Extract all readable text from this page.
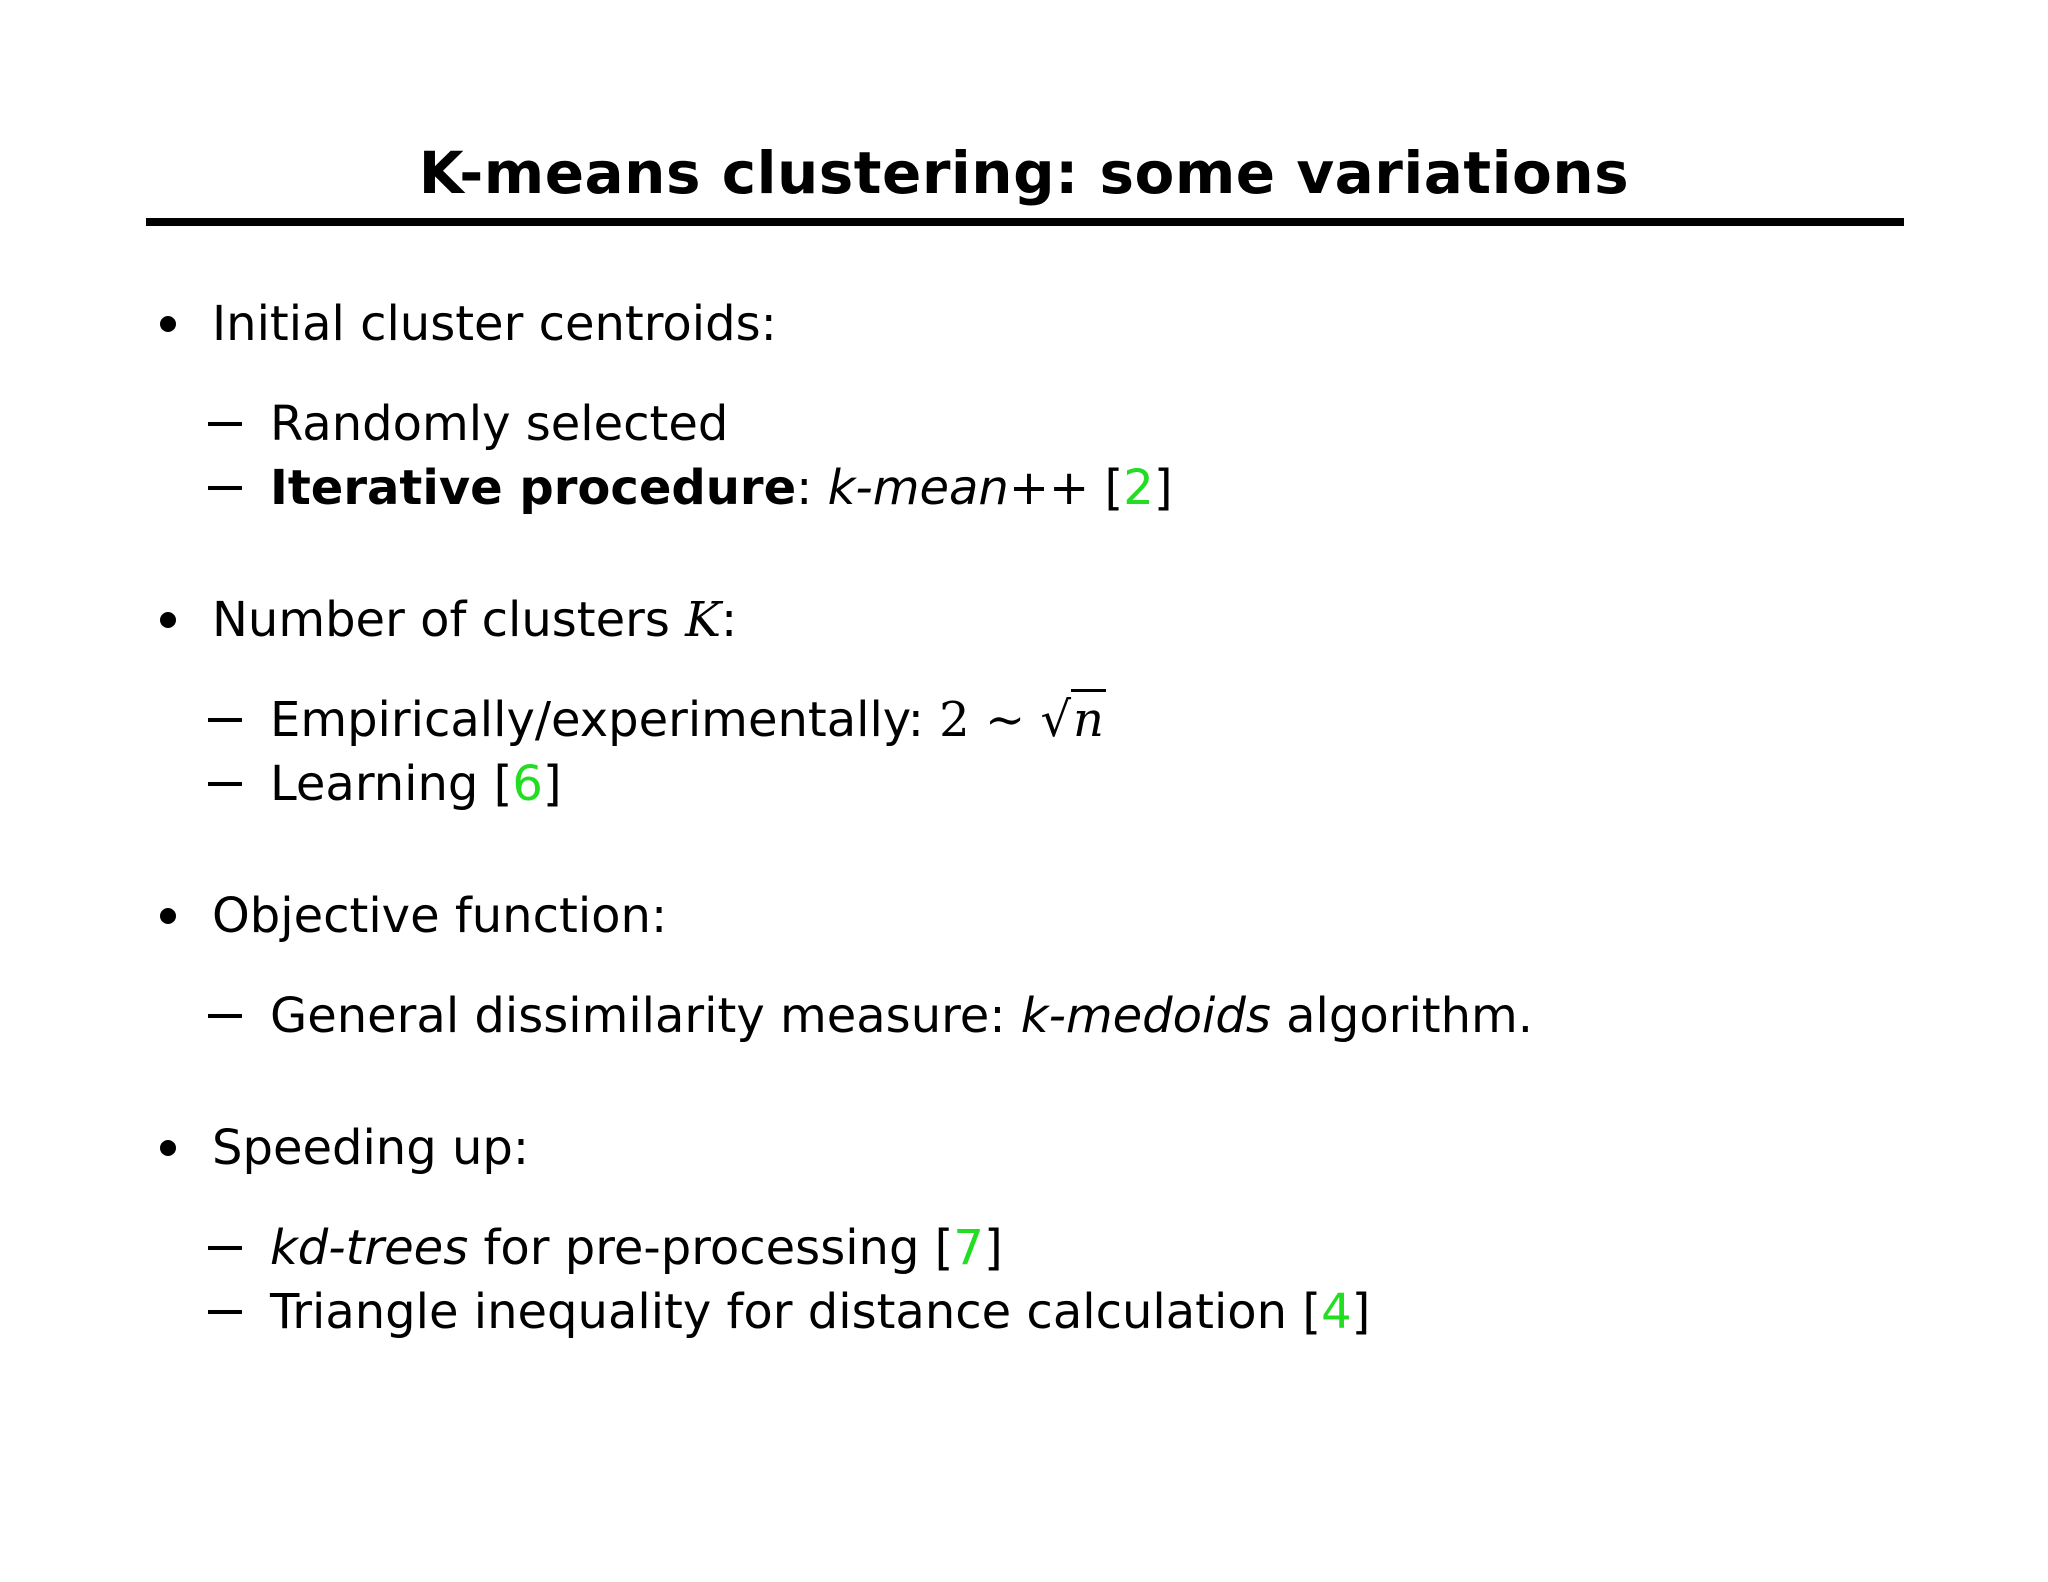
K-means clustering: some variations
Initial cluster centroids:
Randomly selected
Iterative procedure: k-mean++ [2]
Number of clusters K:
Empirically/experimentally: 2 ∼ √n
Learning [6]
Objective function:
General dissimilarity measure: k-medoids algorithm.
Speeding up:
kd-trees for pre-processing [7]
Triangle inequality for distance calculation [4]
